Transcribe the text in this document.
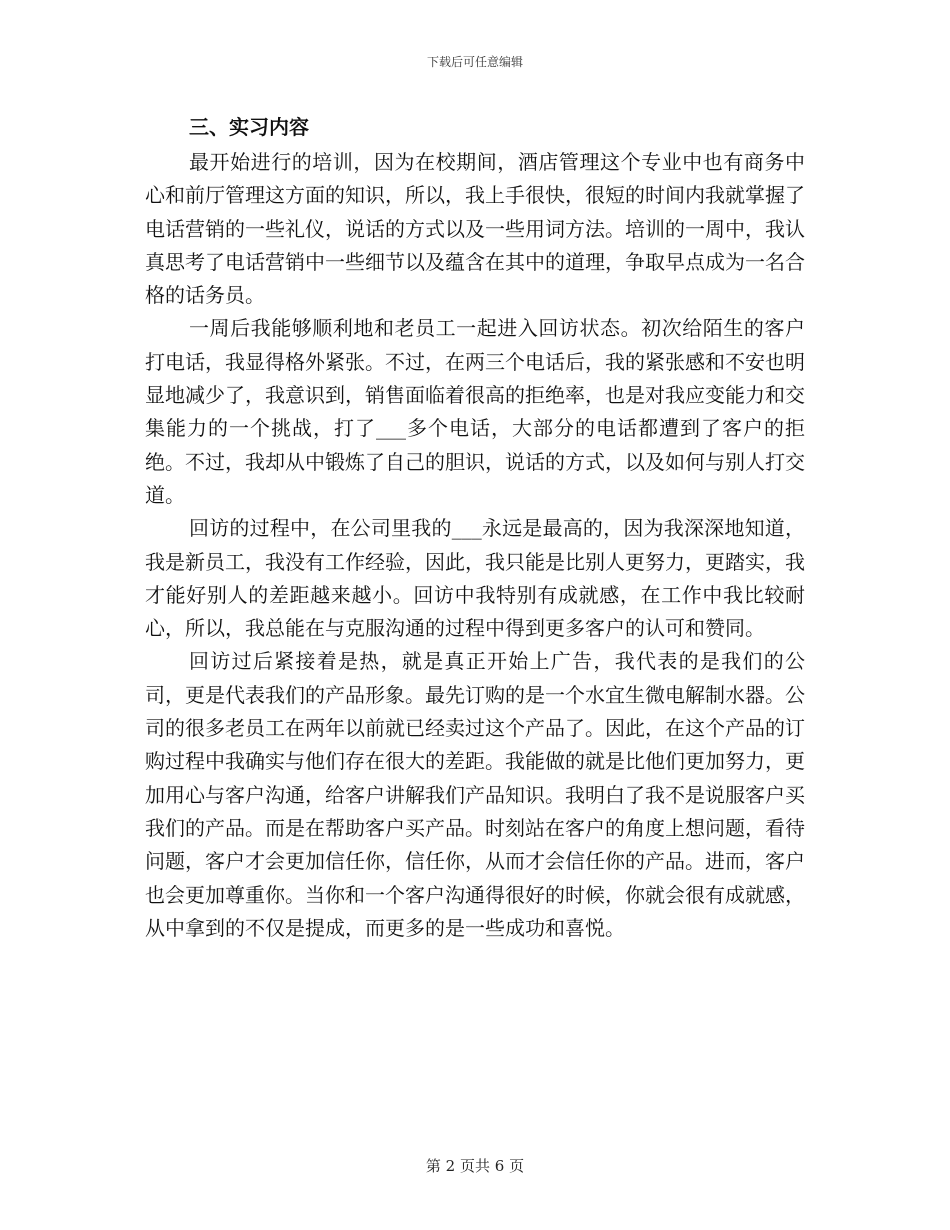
下载后可任意编辑
三、实习内容

最开始进行的培训，因为在校期间，酒店管理这个专业中也有商务中心和前厅管理这方面的知识，所以，我上手很快，很短的时间内我就掌握了电话营销的一些礼仪，说话的方式以及一些用词方法。培训的一周中，我认真思考了电话营销中一些细节以及蕴含在其中的道理，争取早点成为一名合格的话务员。

一周后我能够顺利地和老员工一起进入回访状态。初次给陌生的客户打电话，我显得格外紧张。不过，在两三个电话后，我的紧张感和不安也明显地减少了，我意识到，销售面临着很高的拒绝率，也是对我应变能力和交集能力的一个挑战，打了___多个电话，大部分的电话都遭到了客户的拒绝。不过，我却从中锻炼了自己的胆识，说话的方式，以及如何与别人打交道。

回访的过程中，在公司里我的___永远是最高的，因为我深深地知道，我是新员工，我没有工作经验，因此，我只能是比别人更努力，更踏实，我才能好别人的差距越来越小。回访中我特别有成就感，在工作中我比较耐心，所以，我总能在与克服沟通的过程中得到更多客户的认可和赞同。

回访过后紧接着是热，就是真正开始上广告，我代表的是我们的公司，更是代表我们的产品形象。最先订购的是一个水宜生微电解制水器。公司的很多老员工在两年以前就已经卖过这个产品了。因此，在这个产品的订购过程中我确实与他们存在很大的差距。我能做的就是比他们更加努力，更加用心与客户沟通，给客户讲解我们产品知识。我明白了我不是说服客户买我们的产品。而是在帮助客户买产品。时刻站在客户的角度上想问题，看待问题，客户才会更加信任你，信任你，从而才会信任你的产品。进而，客户也会更加尊重你。当你和一个客户沟通得很好的时候，你就会很有成就感，从中拿到的不仅是提成，而更多的是一些成功和喜悦。

第 2 页共 6 页
